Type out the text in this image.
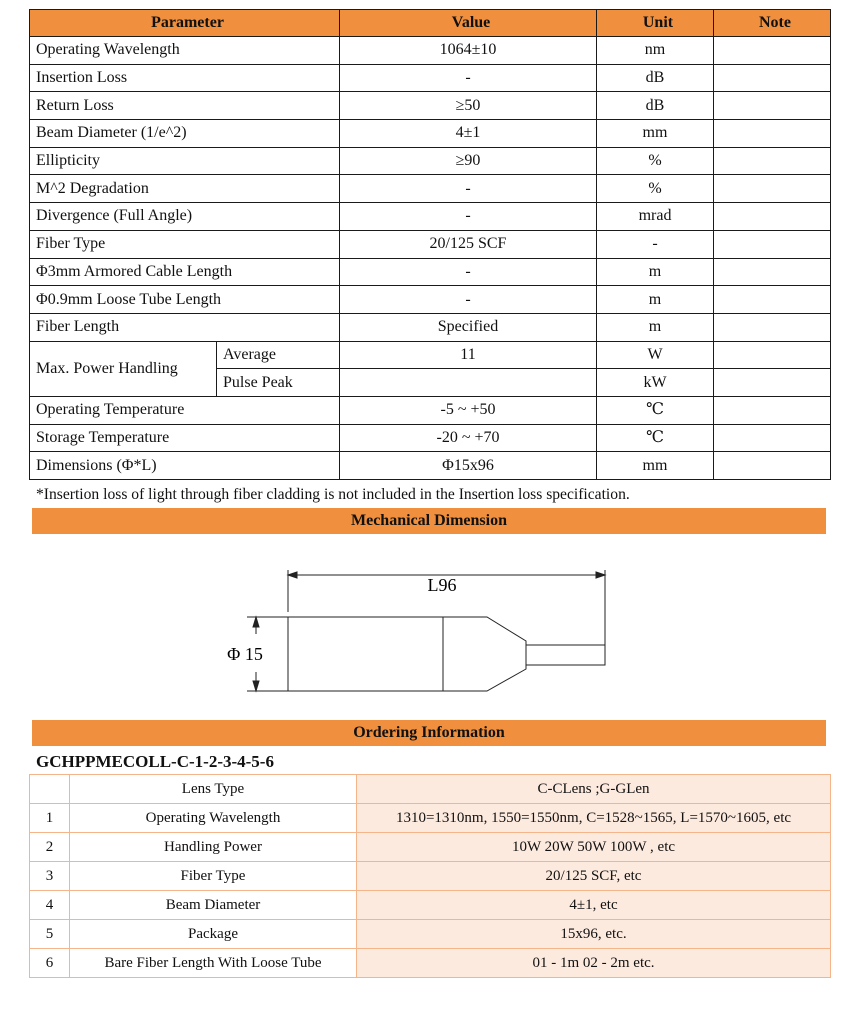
Parameter		Value	Unit	Note
Operating Wavelength		1064±10	nm	
Insertion Loss		-	dB	
Return Loss		≥50	dB	
Beam Diameter (1/e^2)		4±1	mm	
Ellipticity		≥90	%	
M^2 Degradation		-	%	
Divergence (Full Angle)		-	mrad	
Fiber Type		20/125 SCF	-	
Φ3mm Armored Cable Length		-	m	
Φ0.9mm Loose Tube Length		-	m	
Fiber Length		Specified	m	
Max. Power Handling	Average	11	W	
	Pulse Peak		kW	
Operating Temperature		-5 ~ +50	℃	
Storage Temperature		-20 ~ +70	℃	
Dimensions (Φ*L)		Φ15x96	mm	
*Insertion loss of light through fiber cladding is not included in the Insertion loss specification.
Mechanical Dimension
L96
Φ 15
Ordering Information
GCHPPMECOLL-C-1-2-3-4-5-6
	Lens Type	C-CLens ;G-GLen
1	Operating Wavelength	1310=1310nm, 1550=1550nm, C=1528~1565, L=1570~1605, etc
2	Handling Power	10W 20W 50W 100W , etc
3	Fiber Type	20/125 SCF, etc
4	Beam Diameter	4±1, etc
5	Package	15x96, etc.
6	Bare Fiber Length With Loose Tube	01 - 1m 02 - 2m etc.
